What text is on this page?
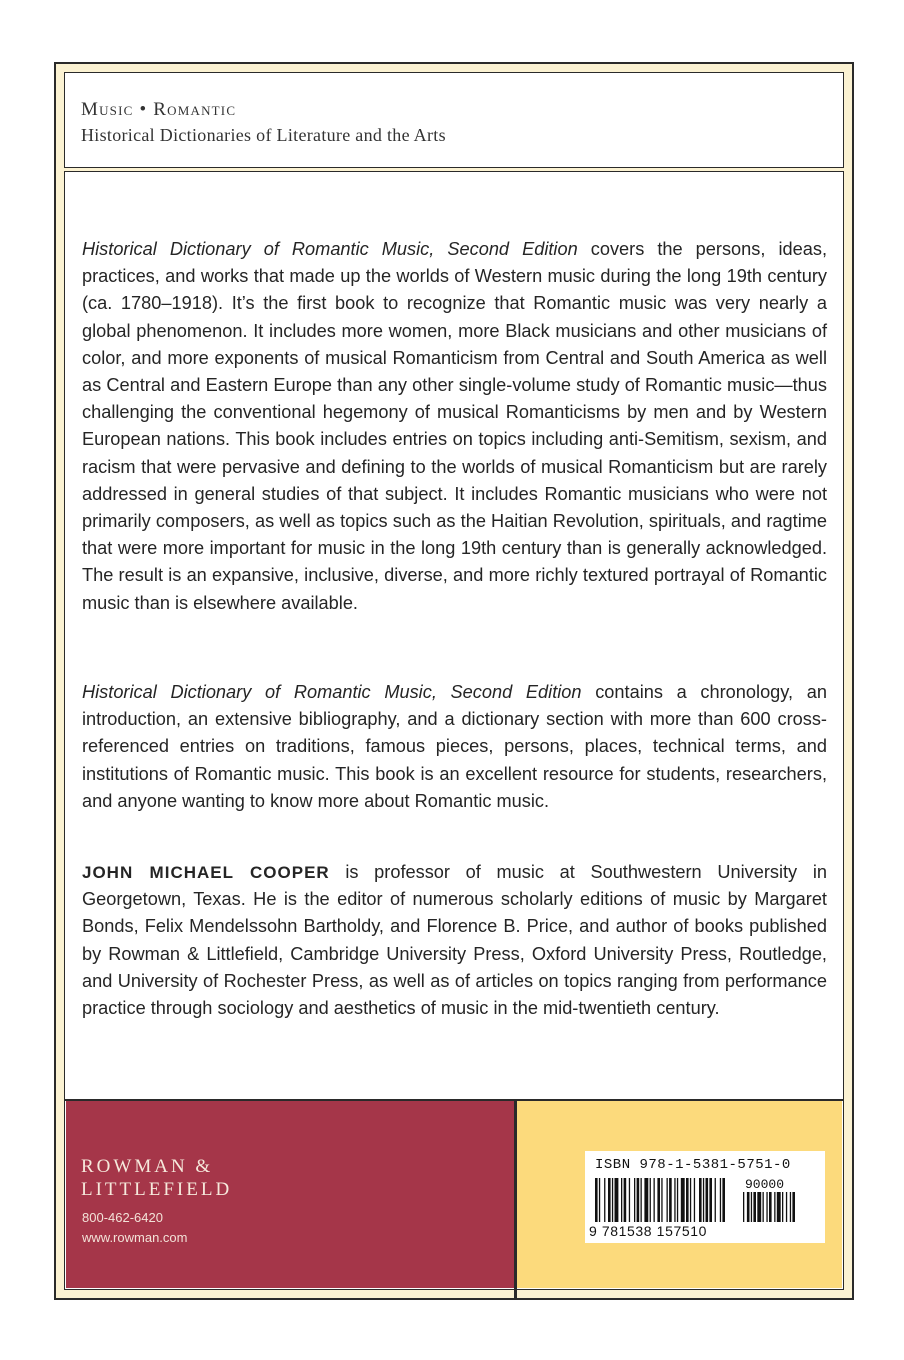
Music • Romantic
Historical Dictionaries of Literature and the Arts

Historical Dictionary of Romantic Music, Second Edition covers the persons, ideas, practices, and works that made up the worlds of Western music during the long 19th century (ca. 1780–1918). It’s the first book to recognize that Romantic music was very nearly a global phenomenon. It includes more women, more Black musicians and other musicians of color, and more exponents of musical Romanticism from Central and South America as well as Central and Eastern Europe than any other single-volume study of Romantic music—thus challenging the conventional hegemony of musical Romanticisms by men and by Western European nations. This book includes entries on topics including anti-Semitism, sexism, and racism that were pervasive and defining to the worlds of musical Romanticism but are rarely addressed in general studies of that subject. It includes Romantic musicians who were not primarily composers, as well as topics such as the Haitian Revolution, spirituals, and ragtime that were more important for music in the long 19th century than is generally acknowledged. The result is an expansive, inclusive, diverse, and more richly textured portrayal of Romantic music than is elsewhere available.

Historical Dictionary of Romantic Music, Second Edition contains a chronology, an introduction, an extensive bibliography, and a dictionary section with more than 600 cross-referenced entries on traditions, famous pieces, persons, places, technical terms, and institutions of Romantic music. This book is an excellent resource for students, researchers, and anyone wanting to know more about Romantic music.

JOHN MICHAEL COOPER is professor of music at Southwestern University in Georgetown, Texas. He is the editor of numerous scholarly editions of music by Margaret Bonds, Felix Mendelssohn Bartholdy, and Florence B. Price, and author of books published by Rowman & Littlefield, Cambridge University Press, Oxford University Press, Routledge, and University of Rochester Press, as well as of articles on topics ranging from performance practice through sociology and aesthetics of music in the mid-twentieth century.

ROWMAN &
LITTLEFIELD
800-462-6420
www.rowman.com
ISBN 978-1-5381-5751-0
90000
9 781538 157510
